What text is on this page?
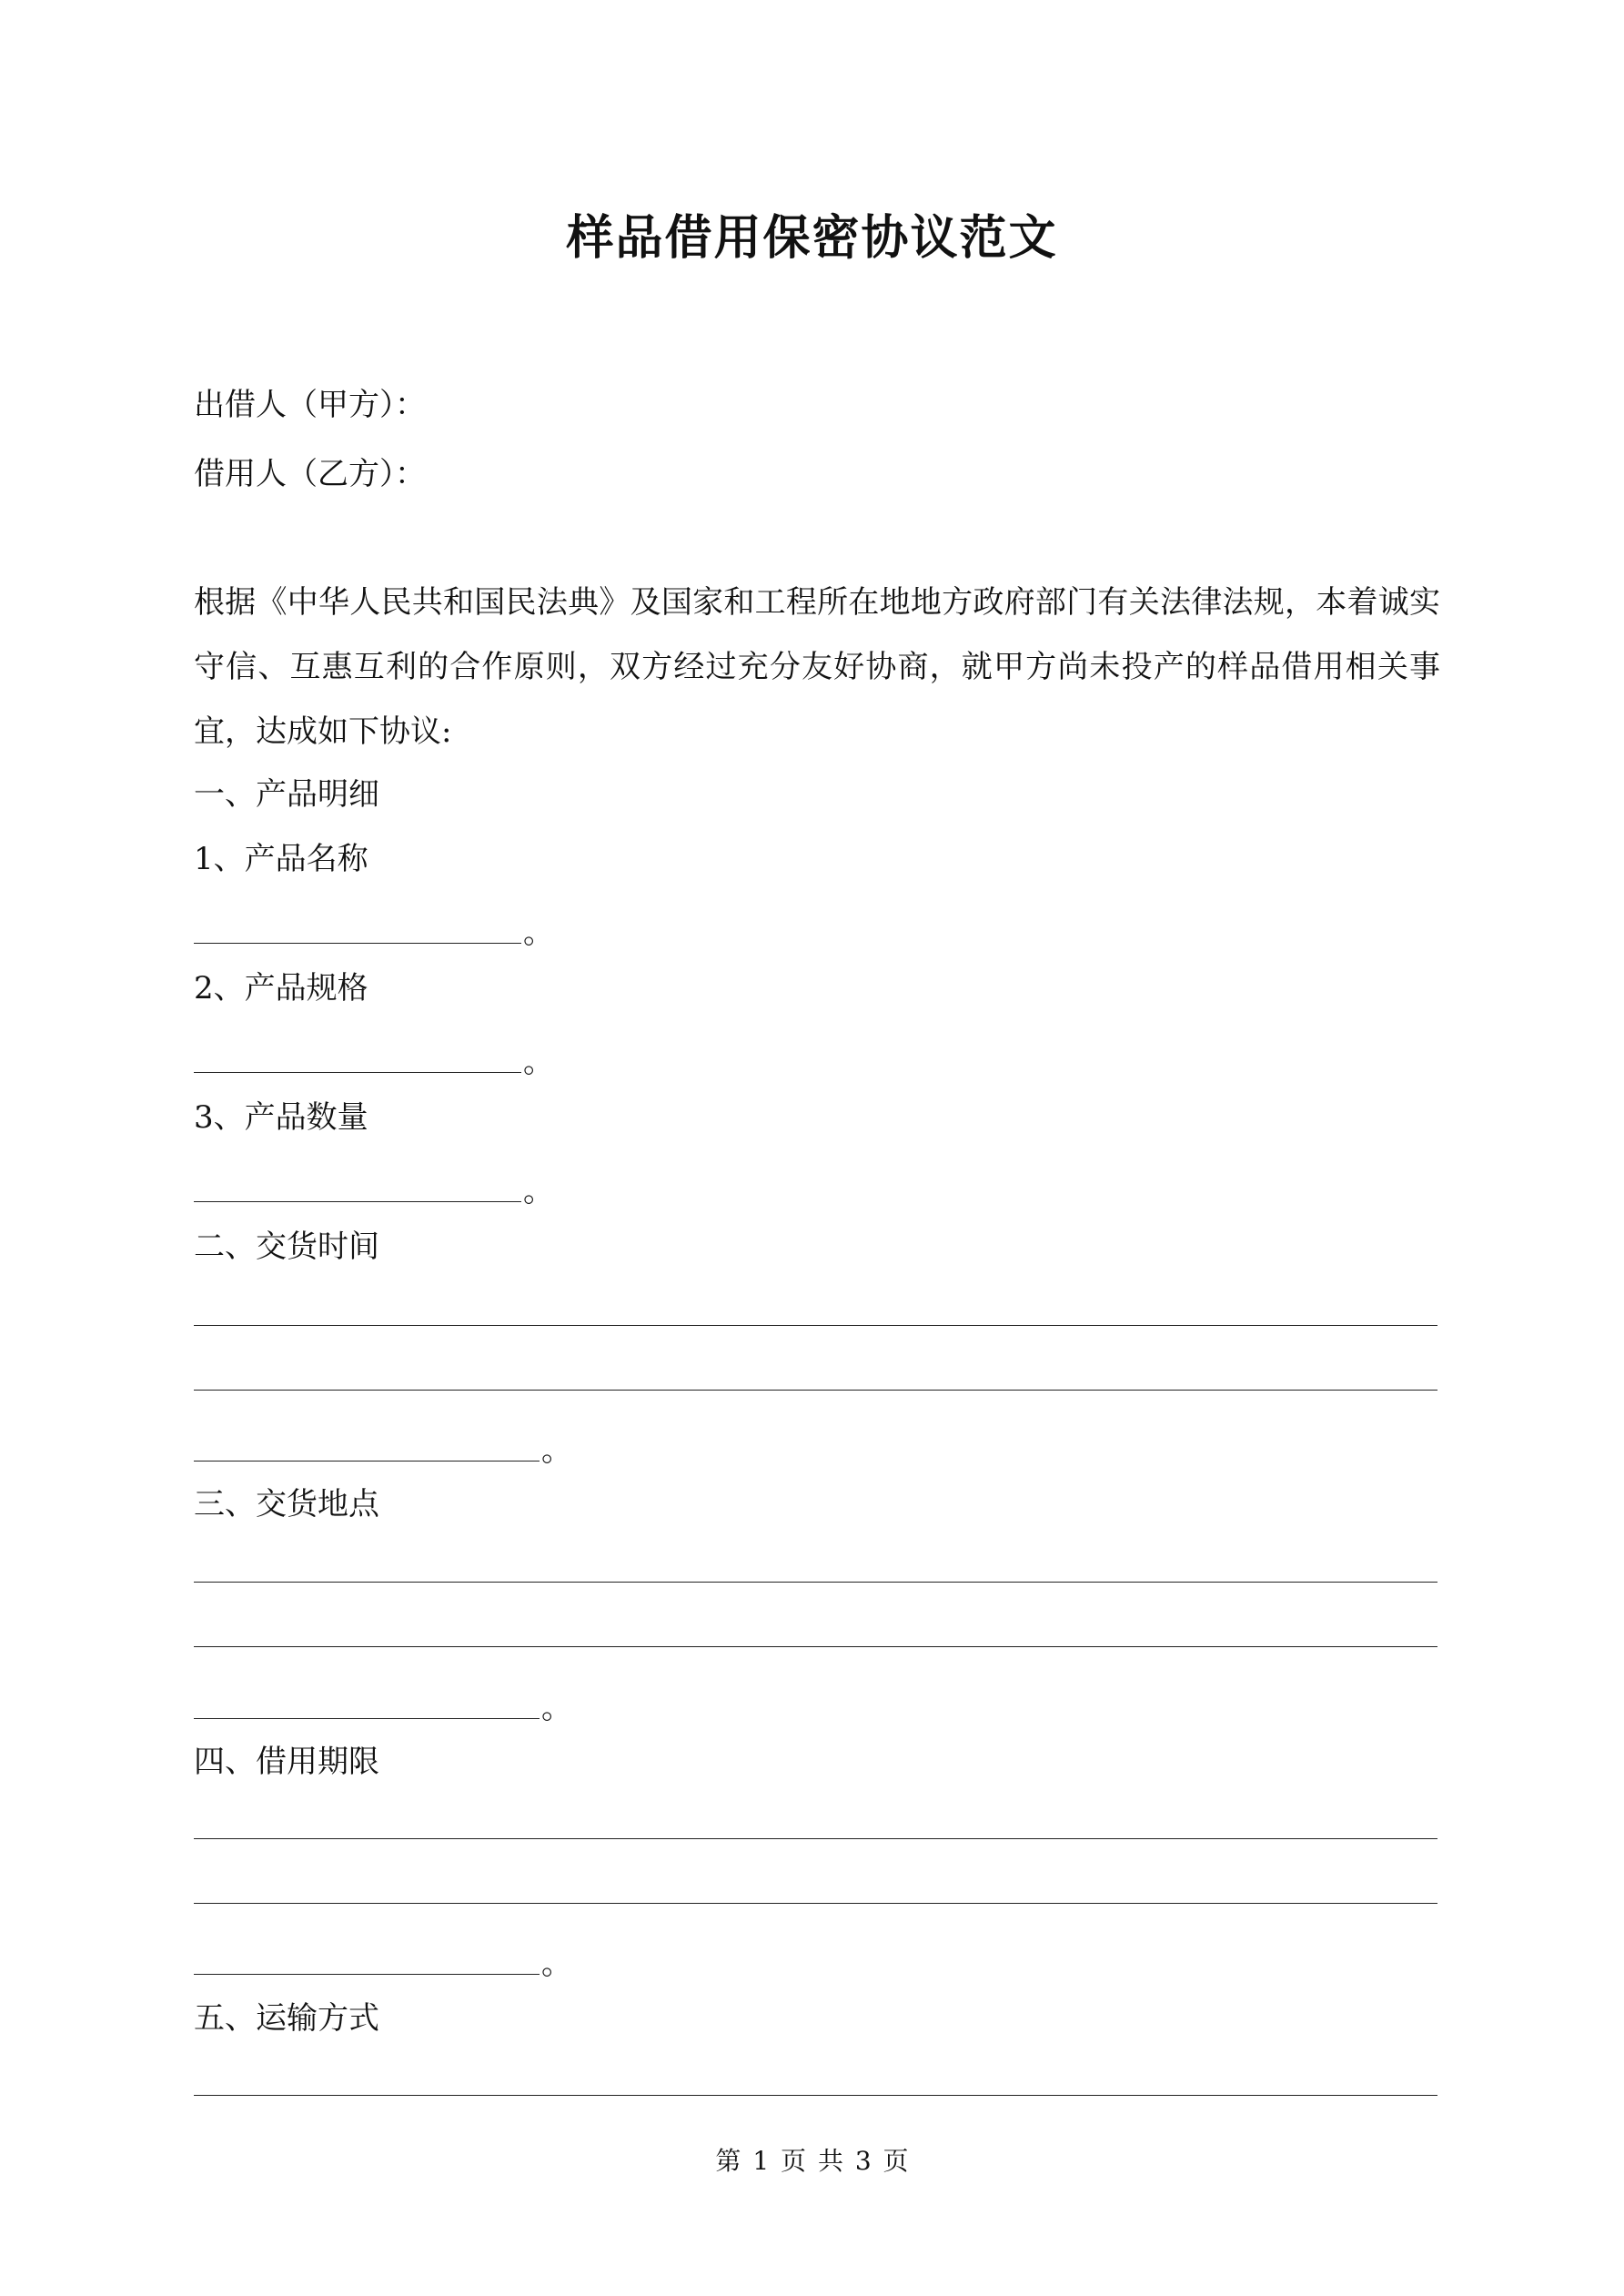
样品借用保密协议范文
出借人（甲方）：
借用人（乙方）：
根据《中华人民共和国民法典》及国家和工程所在地地方政府部门有关法律法规，本着诚实守信、互惠互利的合作原则，双方经过充分友好协商，就甲方尚未投产的样品借用相关事宜，达成如下协议:
一、产品明细
1、产品名称
。
2、产品规格
。
3、产品数量
。
二、交货时间
。
三、交货地点
。
四、借用期限
。
五、运输方式
第 1 页 共 3 页
